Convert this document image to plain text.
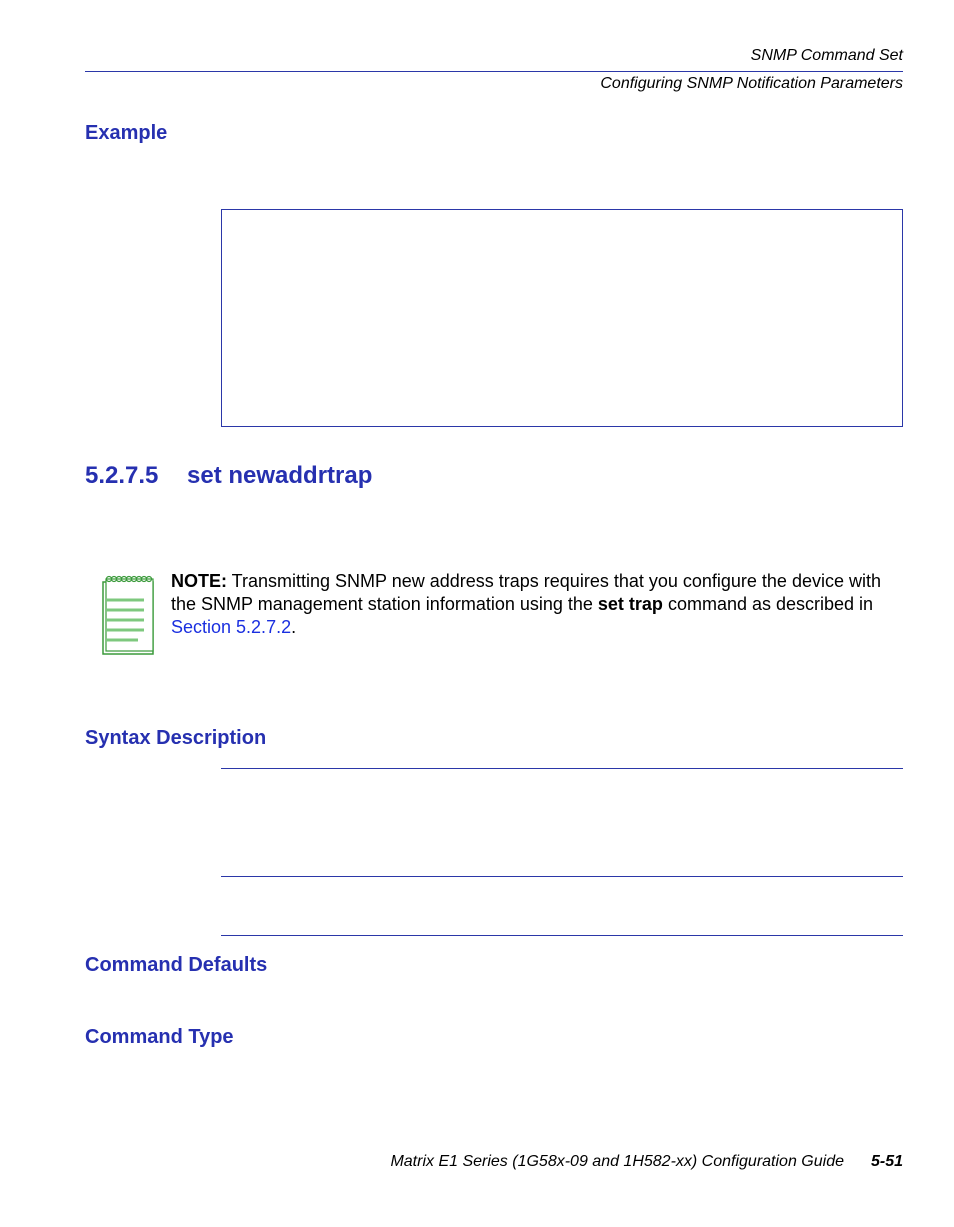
SNMP Command Set
Configuring SNMP Notification Parameters
Example
5.2.7.5 set newaddrtrap
NOTE: Transmitting SNMP new address traps requires that you configure the device with the SNMP management station information using the set trap command as described in Section 5.2.7.2.
Syntax Description
Command Defaults
Command Type
Matrix E1 Series (1G58x-09 and 1H582-xx) Configuration Guide 5-51
